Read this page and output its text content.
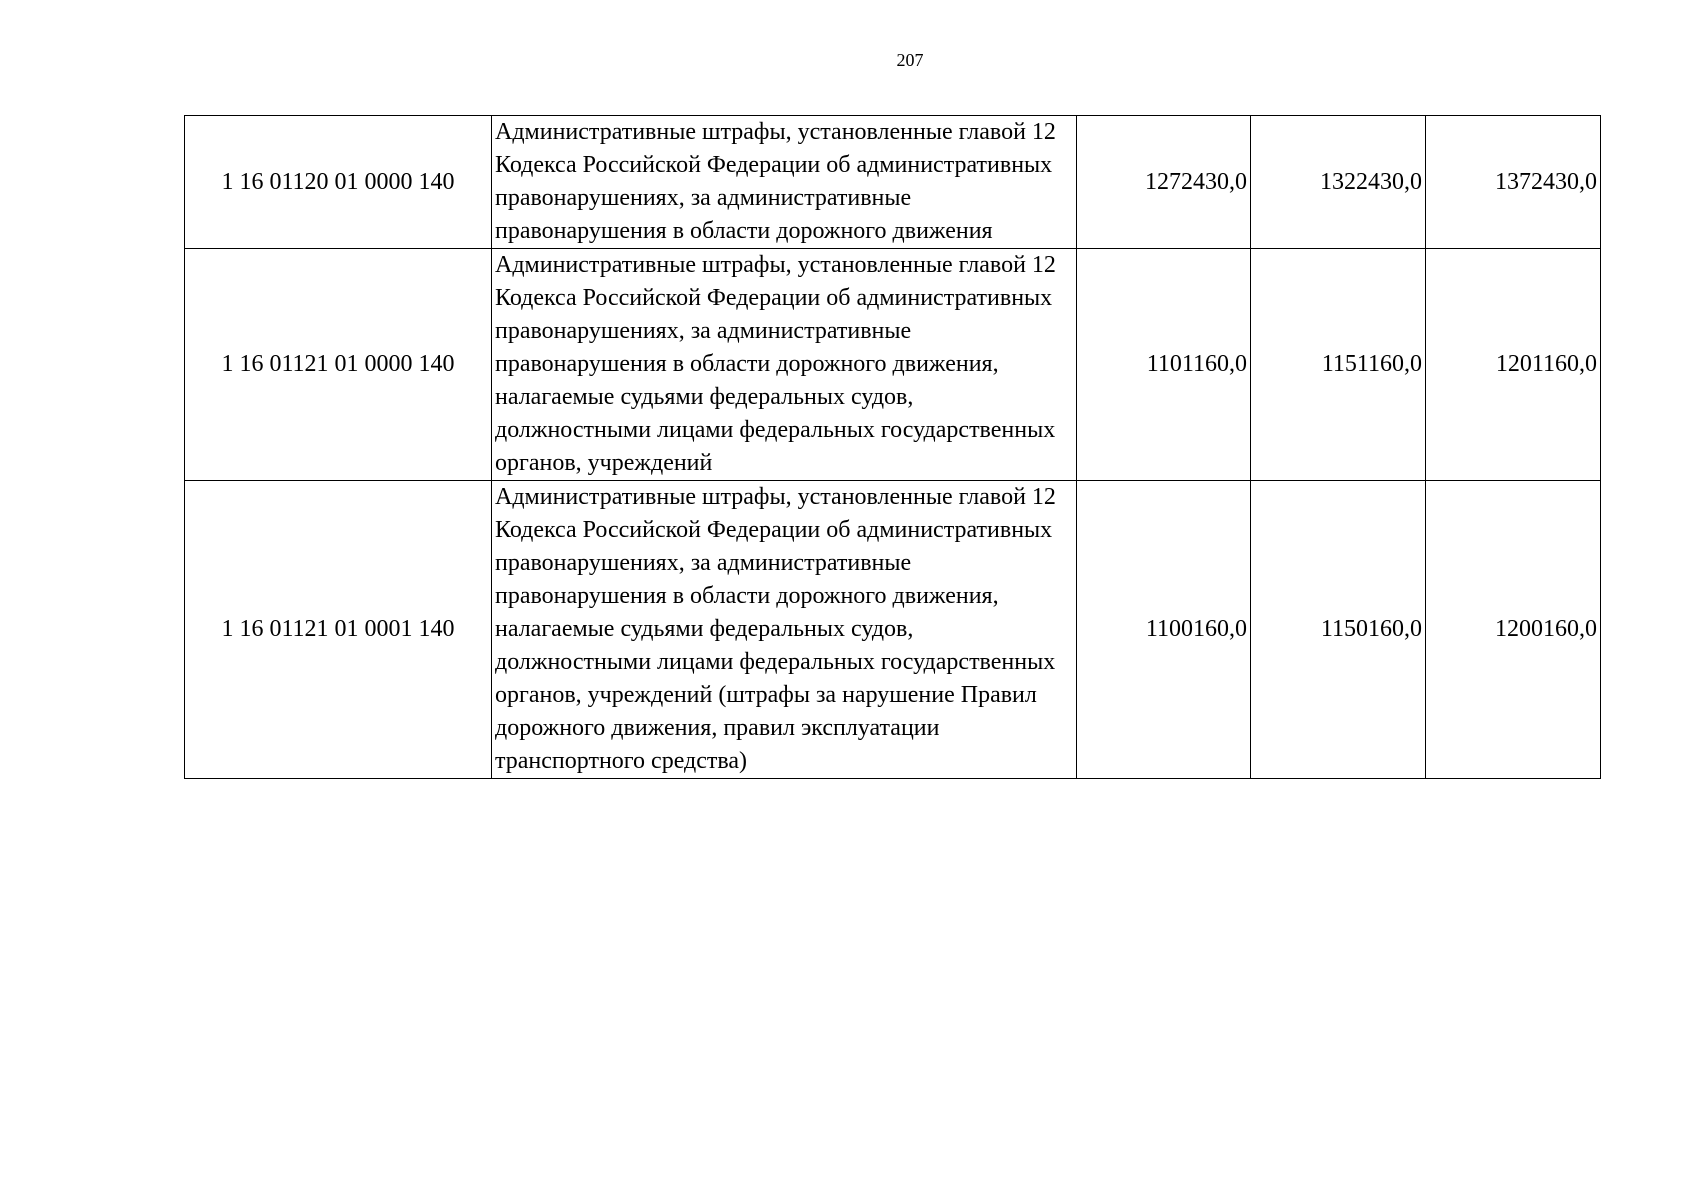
207
1 16 01120 01 0000 140	Административные штрафы, установленные главой 12 Кодекса Российской Федерации об административных правонарушениях, за административные правонарушения в области дорожного движения	1272430,0	1322430,0	1372430,0
1 16 01121 01 0000 140	Административные штрафы, установленные главой 12 Кодекса Российской Федерации об административных правонарушениях, за административные правонарушения в области дорожного движения, налагаемые судьями федеральных судов, должностными лицами федеральных государственных органов, учреждений	1101160,0	1151160,0	1201160,0
1 16 01121 01 0001 140	Административные штрафы, установленные главой 12 Кодекса Российской Федерации об административных правонарушениях, за административные правонарушения в области дорожного движения, налагаемые судьями федеральных судов, должностными лицами федеральных государственных органов, учреждений (штрафы за нарушение Правил дорожного движения, правил эксплуатации транспортного средства)	1100160,0	1150160,0	1200160,0
